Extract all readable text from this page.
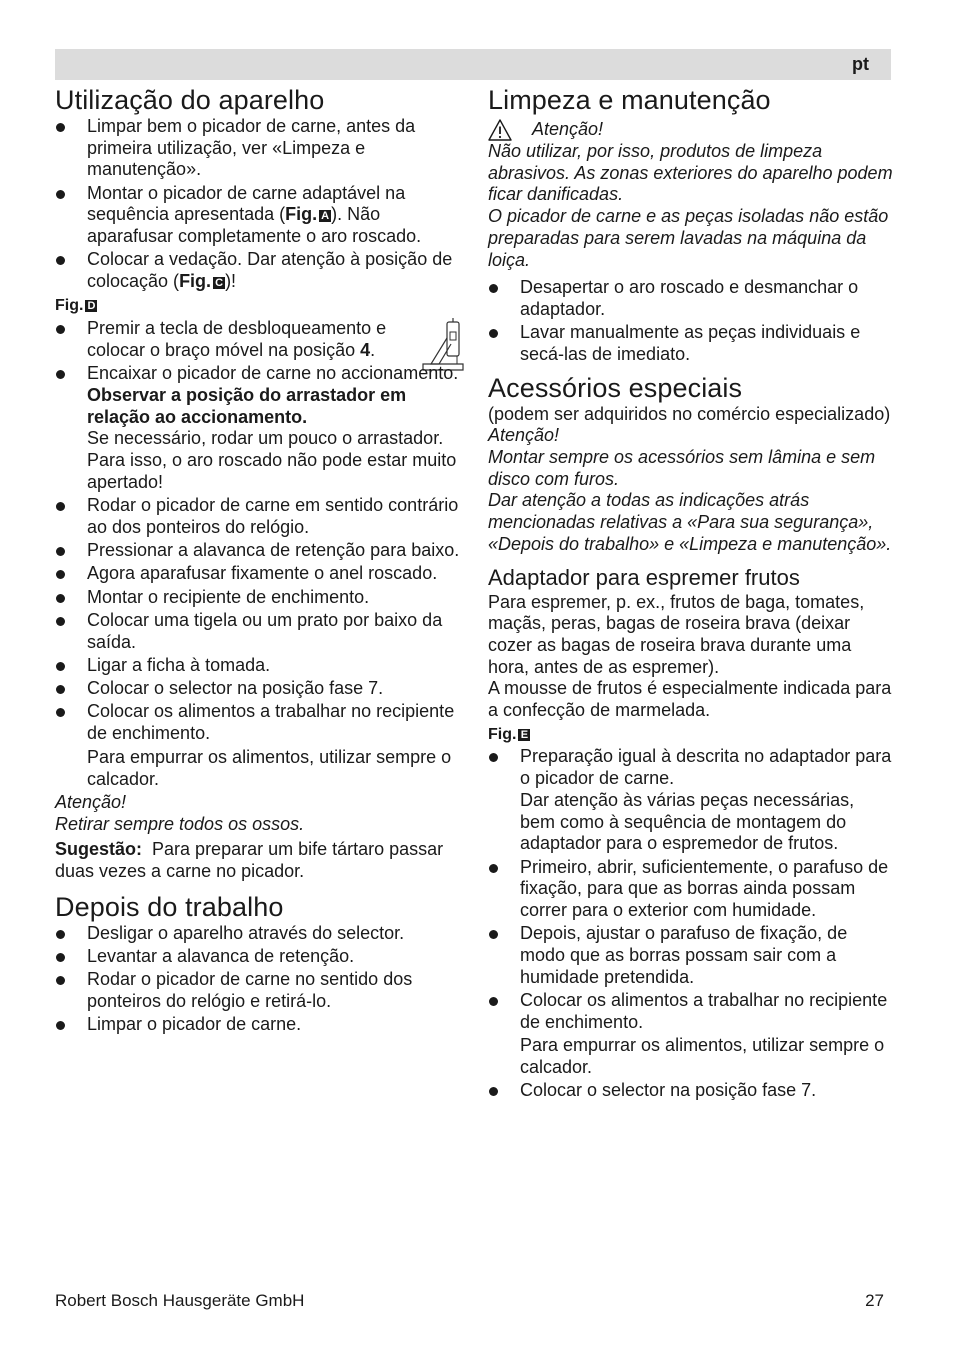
pt
Utilização do aparelho
Limpar bem o picador de carne, antes da primeira utilização, ver «Limpeza e manutenção».
Montar o picador de carne adaptável na sequência apresentada (Fig. A ). Não aparafusar completamente o aro roscado.
Colocar a vedação. Dar atenção à posição de colocação (Fig. C )!

Fig. D

Premir a tecla de desbloqueamento e colocar o braço móvel na posição 4.
Encaixar o picador de carne no accionamento.
Observar a posição do arrastador em relação ao accionamento.
Se necessário, rodar um pouco o arrastador. Para isso, o aro roscado não pode estar muito apertado!
Rodar o picador de carne em sentido contrário ao dos ponteiros do relógio.
Pressionar a alavanca de retenção para baixo.
Agora aparafusar fixamente o anel roscado.
Montar o recipiente de enchimento.
Colocar uma tigela ou um prato por baixo da saída.
Ligar a ficha à tomada.
Colocar o selector na posição fase 7.
Colocar os alimentos a trabalhar no recipiente de enchimento.
Para empurrar os alimentos, utilizar sempre o calcador.

Atenção!

Retirar sempre todos os ossos.

Sugestão: Para preparar um bife tártaro passar duas vezes a carne no picador.

Depois do trabalho
Desligar o aparelho através do selector.
Levantar a alavanca de retenção.
Rodar o picador de carne no sentido dos ponteiros do relógio e retirá-lo.
Limpar o picador de carne.
Limpeza e manutenção

Atenção!

Não utilizar, por isso, produtos de limpeza abrasivos. As zonas exteriores do aparelho podem ficar danificadas.

O picador de carne e as peças isoladas não estão preparadas para serem lavadas na máquina da loiça.

Desapertar o aro roscado e desmanchar o adaptador.
Lavar manualmente as peças individuais e secá-las de imediato.
Acessórios especiais

(podem ser adquiridos no comércio especializado)

Atenção!

Montar sempre os acessórios sem lâmina e sem disco com furos.

Dar atenção a todas as indicações atrás mencionadas relativas a «Para sua segurança», «Depois do trabalho» e «Limpeza e manutenção».

Adaptador para espremer frutos

Para espremer, p. ex., frutos de baga, tomates, maçãs, peras, bagas de roseira brava (deixar cozer as bagas de roseira brava durante uma hora, antes de as espremer).

A mousse de frutos é especialmente indicada para a confecção de marmelada.

Fig. E

Preparação igual à descrita no adaptador para o picador de carne.
Dar atenção às várias peças necessárias, bem como à sequência de montagem do adaptador para o espremedor de frutos.
Primeiro, abrir, suficientemente, o parafuso de fixação, para que as borras ainda possam correr para o exterior com humidade.
Depois, ajustar o parafuso de fixação, de modo que as borras possam sair com a humidade pretendida.
Colocar os alimentos a trabalhar no recipiente de enchimento.
Para empurrar os alimentos, utilizar sempre o calcador.
Colocar o selector na posição fase 7.
Robert Bosch Hausgeräte GmbH	27
